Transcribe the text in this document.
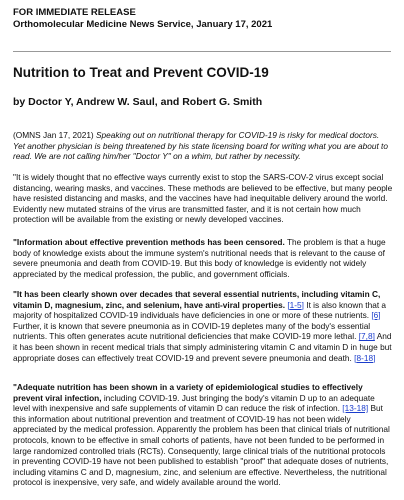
FOR IMMEDIATE RELEASE
Orthomolecular Medicine News Service, January 17, 2021
Nutrition to Treat and Prevent COVID-19
by Doctor Y, Andrew W. Saul, and Robert G. Smith

(OMNS Jan 17, 2021) Speaking out on nutritional therapy for COVID-19 is risky for medical doctors. Yet another physician is being threatened by his state licensing board for writing what you are about to read. We are not calling him/her "Doctor Y" on a whim, but rather by necessity.

"It is widely thought that no effective ways currently exist to stop the SARS-COV-2 virus except social distancing, wearing masks, and vaccines. These methods are believed to be effective, but many people have resisted distancing and masks, and the vaccines have had inequitable delivery around the world. Evidently new mutated strains of the virus are transmitted faster, and it is not certain how much protection will be available from the existing or newly developed vaccines.

"Information about effective prevention methods has been censored. The problem is that a huge body of knowledge exists about the immune system's nutritional needs that is relevant to the cause of severe pneumonia and death from COVID-19. But this body of knowledge is evidently not widely appreciated by the medical profession, the public, and government officials.

"It has been clearly shown over decades that several essential nutrients, including vitamin C, vitamin D, magnesium, zinc, and selenium, have anti-viral properties. [1-5] It is also known that a majority of hospitalized COVID-19 individuals have deficiencies in one or more of these nutrients. [6] Further, it is known that severe pneumonia as in COVID-19 depletes many of the body's essential nutrients. This often generates acute nutritional deficiencies that make COVID-19 more lethal. [7,8] And it has been shown in recent medical trials that simply administering vitamin C and vitamin D in huge but appropriate doses can effectively treat COVID-19 and prevent severe pneumonia and death. [8-18]

"Adequate nutrition has been shown in a variety of epidemiological studies to effectively prevent viral infection, including COVID-19. Just bringing the body's vitamin D up to an adequate level with inexpensive and safe supplements of vitamin D can reduce the risk of infection. [13-18] But this information about nutritional prevention and treatment of COVID-19 has not been widely appreciated by the medical profession. Apparently the problem has been that clinical trials of nutritional protocols, known to be effective in small cohorts of patients, have not been funded to be performed in large randomized controlled trials (RCTs). Consequently, large clinical trials of the nutritional protocols in preventing COVID-19 have not been published to establish "proof" that adequate doses of nutrients, including vitamins C and D, magnesium, zinc, and selenium are effective. Nevertheless, the nutritional protocol is inexpensive, very safe, and widely available around the world.
